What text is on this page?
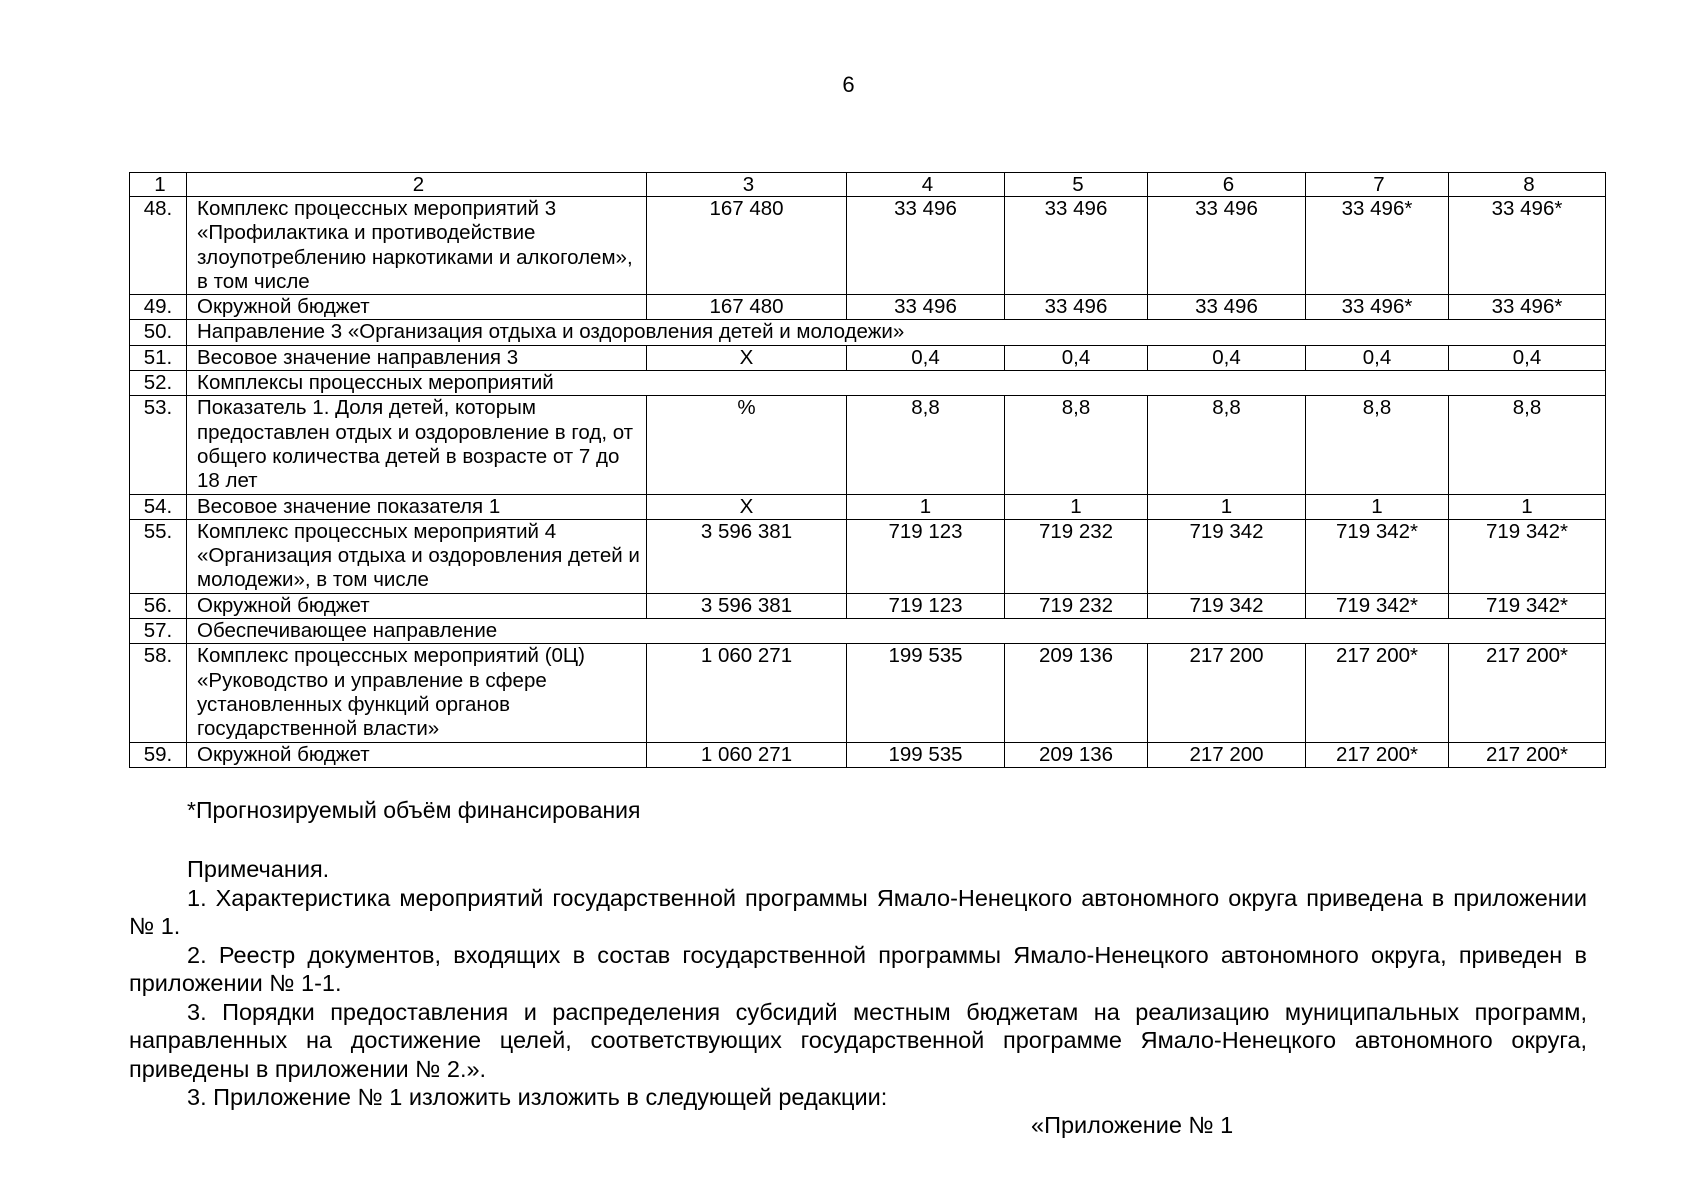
6
1	2	3	4	5	6	7	8
48.	Комплекс процессных мероприятий 3 «Профилактика и противодействие злоупотреблению наркотиками и алкоголем», в том числе	167 480	33 496	33 496	33 496	33 496*	33 496*
49.	Окружной бюджет	167 480	33 496	33 496	33 496	33 496*	33 496*
50.	Направление 3 «Организация отдыха и оздоровления детей и молодежи»						
51.	Весовое значение направления 3	Х	0,4	0,4	0,4	0,4	0,4
52.	Комплексы процессных мероприятий						
53.	Показатель 1. Доля детей, которым предоставлен отдых и оздоровление в год, от общего количества детей в возрасте от 7 до 18 лет	%	8,8	8,8	8,8	8,8	8,8
54.	Весовое значение показателя 1	Х	1	1	1	1	1
55.	Комплекс процессных мероприятий 4 «Организация отдыха и оздоровления детей и молодежи», в том числе	3 596 381	719 123	719 232	719 342	719 342*	719 342*
56.	Окружной бюджет	3 596 381	719 123	719 232	719 342	719 342*	719 342*
57.	Обеспечивающее направление						
58.	Комплекс процессных мероприятий (0Ц) «Руководство и управление в сфере установленных функций органов государственной власти»	1 060 271	199 535	209 136	217 200	217 200*	217 200*
59.	Окружной бюджет	1 060 271	199 535	209 136	217 200	217 200*	217 200*
*Прогнозируемый объём финансирования

Примечания.

1. Характеристика мероприятий государственной программы Ямало-Ненецкого автономного округа приведена в приложении № 1.

2. Реестр документов, входящих в состав государственной программы Ямало-Ненецкого автономного округа, приведен в приложении № 1-1.

3. Порядки предоставления и распределения субсидий местным бюджетам на реализацию муниципальных программ, направленных на достижение целей, соответствующих государственной программе Ямало-Ненецкого автономного округа, приведены в приложении № 2.».

3. Приложение № 1 изложить изложить в следующей редакции:

«Приложение № 1
